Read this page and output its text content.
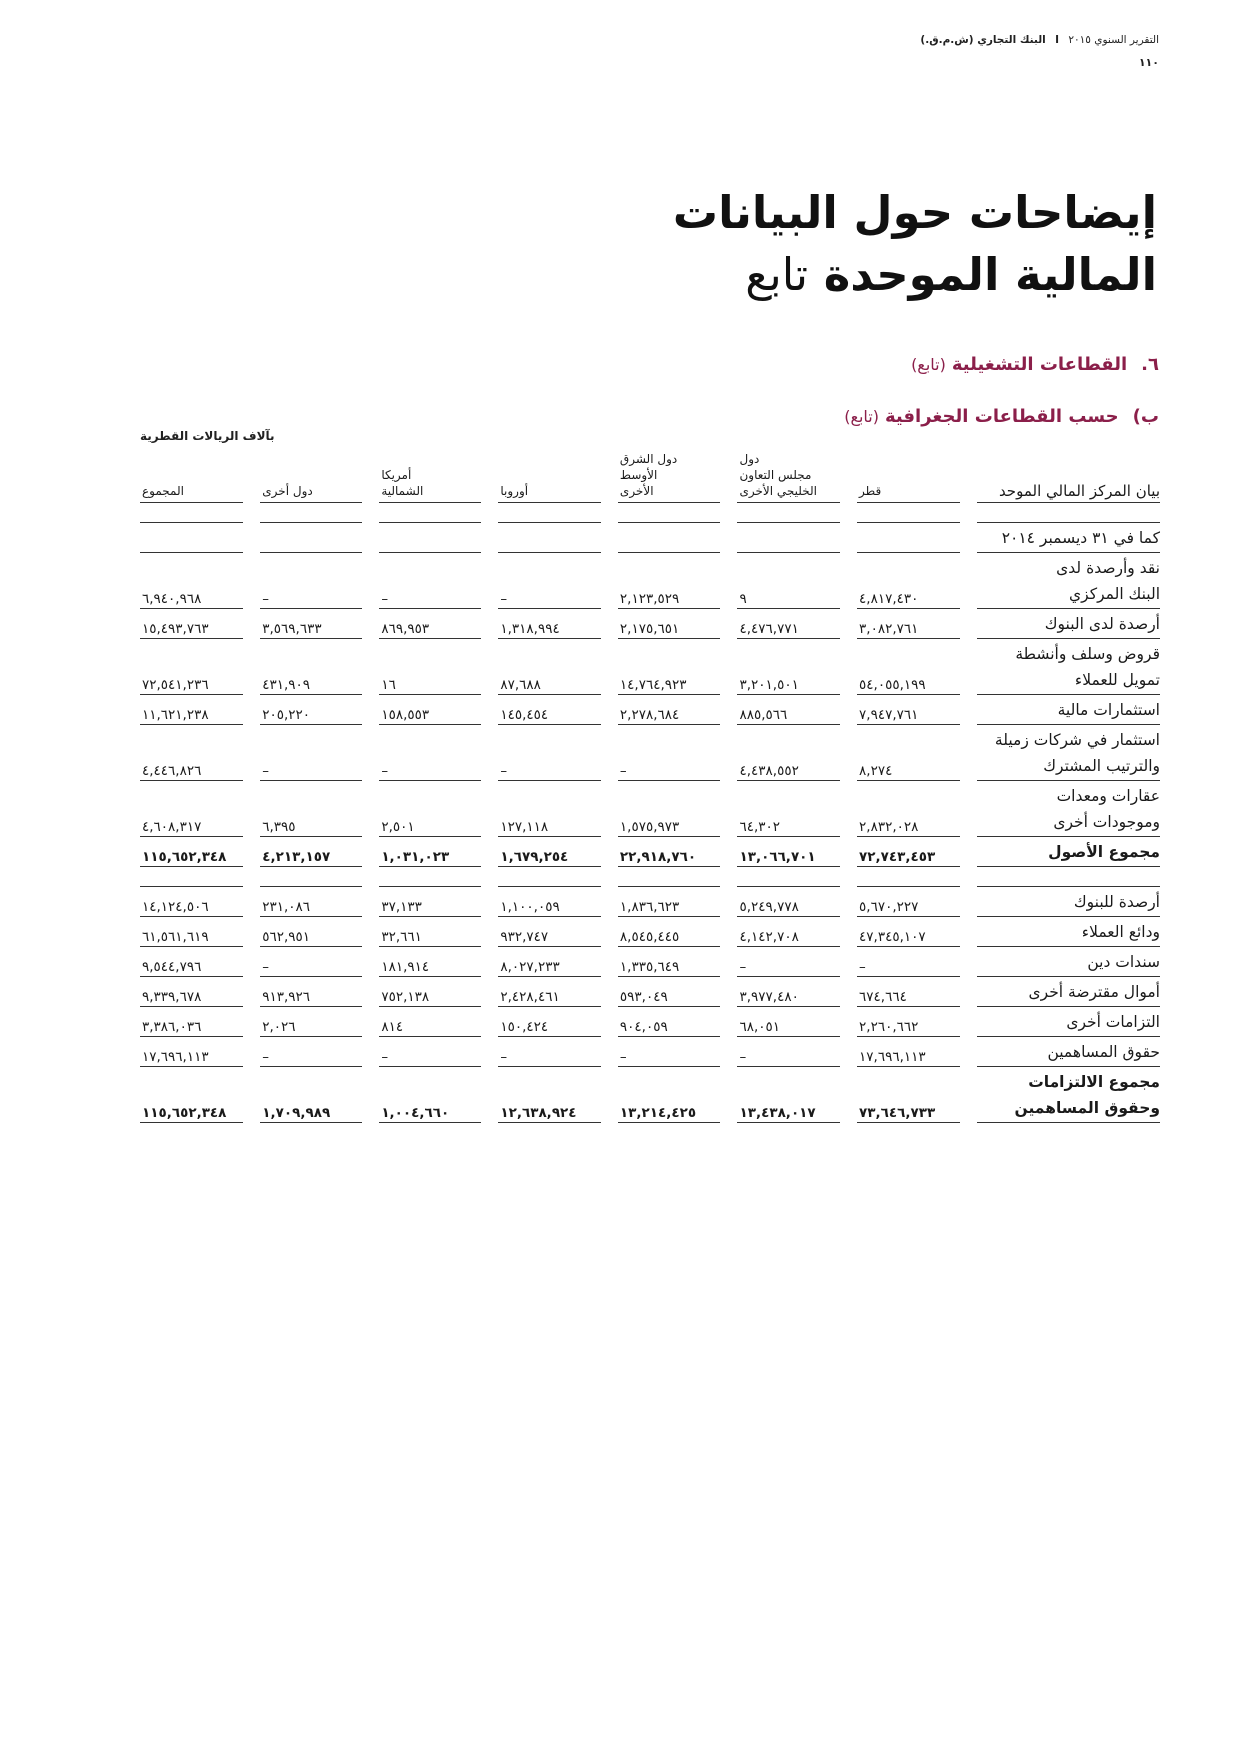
التقرير السنوي ٢٠١٥ I البنك التجاري (ش.م.ق.)
١١٠
إيضاحات حول البيانات
المالية الموحدة تابع
٦.القطاعات التشغيلية(تابع)
ب)حسب القطاعات الجغرافية(تابع)
بآلاف الريالات القطرية
بيان المركز المالي الموحد		قطر		دول
مجلس التعاون
الخليجي الأخرى		دول الشرق
الأوسط
الأخرى		أوروبا		أمريكا
الشمالية		دول أخرى		المجموع

كما في ٣١ ديسمبر ٢٠١٤														
نقد وأرصدة لدى
البنك المركزي		٤,٨١٧,٤٣٠		٩		٢,١٢٣,٥٢٩		–		–		–		٦,٩٤٠,٩٦٨
أرصدة لدى البنوك		٣,٠٨٢,٧٦١		٤,٤٧٦,٧٧١		٢,١٧٥,٦٥١		١,٣١٨,٩٩٤		٨٦٩,٩٥٣		٣,٥٦٩,٦٣٣		١٥,٤٩٣,٧٦٣
قروض وسلف وأنشطة
تمويل للعملاء		٥٤,٠٥٥,١٩٩		٣,٢٠١,٥٠١		١٤,٧٦٤,٩٢٣		٨٧,٦٨٨		١٦		٤٣١,٩٠٩		٧٢,٥٤١,٢٣٦
استثمارات مالية		٧,٩٤٧,٧٦١		٨٨٥,٥٦٦		٢,٢٧٨,٦٨٤		١٤٥,٤٥٤		١٥٨,٥٥٣		٢٠٥,٢٢٠		١١,٦٢١,٢٣٨
استثمار في شركات زميلة
والترتيب المشترك		٨,٢٧٤		٤,٤٣٨,٥٥٢		–		–		–		–		٤,٤٤٦,٨٢٦
عقارات ومعدات
وموجودات أخرى		٢,٨٣٢,٠٢٨		٦٤,٣٠٢		١,٥٧٥,٩٧٣		١٢٧,١١٨		٢,٥٠١		٦,٣٩٥		٤,٦٠٨,٣١٧
مجموع الأصول		٧٢,٧٤٣,٤٥٣		١٣,٠٦٦,٧٠١		٢٢,٩١٨,٧٦٠		١,٦٧٩,٢٥٤		١,٠٣١,٠٢٣		٤,٢١٣,١٥٧		١١٥,٦٥٢,٣٤٨

أرصدة للبنوك		٥,٦٧٠,٢٢٧		٥,٢٤٩,٧٧٨		١,٨٣٦,٦٢٣		١,١٠٠,٠٥٩		٣٧,١٣٣		٢٣١,٠٨٦		١٤,١٢٤,٥٠٦
ودائع العملاء		٤٧,٣٤٥,١٠٧		٤,١٤٢,٧٠٨		٨,٥٤٥,٤٤٥		٩٣٢,٧٤٧		٣٢,٦٦١		٥٦٢,٩٥١		٦١,٥٦١,٦١٩
سندات دين		–		–		١,٣٣٥,٦٤٩		٨,٠٢٧,٢٣٣		١٨١,٩١٤		–		٩,٥٤٤,٧٩٦
أموال مقترضة أخرى		٦٧٤,٦٦٤		٣,٩٧٧,٤٨٠		٥٩٣,٠٤٩		٢,٤٢٨,٤٦١		٧٥٢,١٣٨		٩١٣,٩٢٦		٩,٣٣٩,٦٧٨
التزامات أخرى		٢,٢٦٠,٦٦٢		٦٨,٠٥١		٩٠٤,٠٥٩		١٥٠,٤٢٤		٨١٤		٢,٠٢٦		٣,٣٨٦,٠٣٦
حقوق المساهمين		١٧,٦٩٦,١١٣		–		–		–		–		–		١٧,٦٩٦,١١٣
مجموع الالتزامات
وحقوق المساهمين		٧٣,٦٤٦,٧٣٣		١٣,٤٣٨,٠١٧		١٣,٢١٤,٤٢٥		١٢,٦٣٨,٩٢٤		١,٠٠٤,٦٦٠		١,٧٠٩,٩٨٩		١١٥,٦٥٢,٣٤٨
